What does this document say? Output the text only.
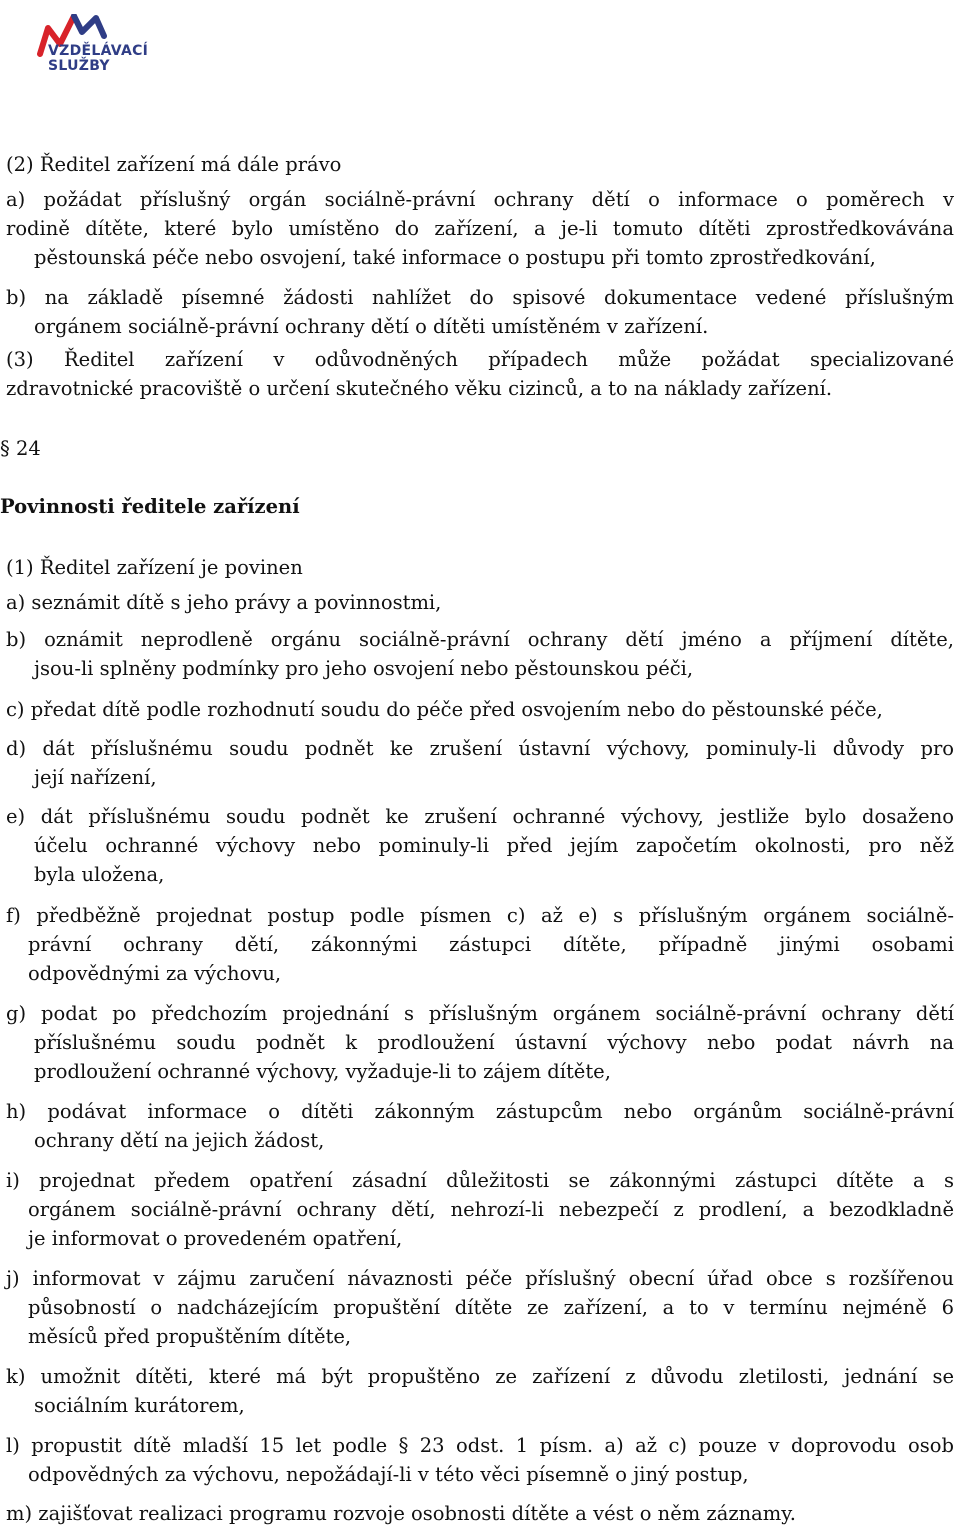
VZDĚLÁVACÍ
SLUŽBY
(2) Ředitel zařízení má dále právo
a) požádat příslušný orgán sociálně-právní ochrany dětí o informace o poměrech v
rodině dítěte, které bylo umístěno do zařízení, a je-li tomuto dítěti zprostředkovávána
pěstounská péče nebo osvojení, také informace o postupu při tomto zprostředkování,
b) na základě písemné žádosti nahlížet do spisové dokumentace vedené příslušným
orgánem sociálně-právní ochrany dětí o dítěti umístěném v zařízení.
(3) Ředitel zařízení v odůvodněných případech může požádat specializované
zdravotnické pracoviště o určení skutečného věku cizinců, a to na náklady zařízení.
§ 24
Povinnosti ředitele zařízení
(1) Ředitel zařízení je povinen
a) seznámit dítě s jeho právy a povinnostmi,
b) oznámit neprodleně orgánu sociálně-právní ochrany dětí jméno a příjmení dítěte,
jsou-li splněny podmínky pro jeho osvojení nebo pěstounskou péči,
c) předat dítě podle rozhodnutí soudu do péče před osvojením nebo do pěstounské péče,
d) dát příslušnému soudu podnět ke zrušení ústavní výchovy, pominuly-li důvody pro
její nařízení,
e) dát příslušnému soudu podnět ke zrušení ochranné výchovy, jestliže bylo dosaženo
účelu ochranné výchovy nebo pominuly-li před jejím započetím okolnosti, pro něž
byla uložena,
f) předběžně projednat postup podle písmen c) až e) s příslušným orgánem sociálně-
právní ochrany dětí, zákonnými zástupci dítěte, případně jinými osobami
odpovědnými za výchovu,
g) podat po předchozím projednání s příslušným orgánem sociálně-právní ochrany dětí
příslušnému soudu podnět k prodloužení ústavní výchovy nebo podat návrh na
prodloužení ochranné výchovy, vyžaduje-li to zájem dítěte,
h) podávat informace o dítěti zákonným zástupcům nebo orgánům sociálně-právní
ochrany dětí na jejich žádost,
i) projednat předem opatření zásadní důležitosti se zákonnými zástupci dítěte a s
orgánem sociálně-právní ochrany dětí, nehrozí-li nebezpečí z prodlení, a bezodkladně
je informovat o provedeném opatření,
j) informovat v zájmu zaručení návaznosti péče příslušný obecní úřad obce s rozšířenou
působností o nadcházejícím propuštění dítěte ze zařízení, a to v termínu nejméně 6
měsíců před propuštěním dítěte,
k) umožnit dítěti, které má být propuštěno ze zařízení z důvodu zletilosti, jednání se
sociálním kurátorem,
l) propustit dítě mladší 15 let podle § 23 odst. 1 písm. a) až c) pouze v doprovodu osob
odpovědných za výchovu, nepožádají-li v této věci písemně o jiný postup,
m) zajišťovat realizaci programu rozvoje osobnosti dítěte a vést o něm záznamy.
